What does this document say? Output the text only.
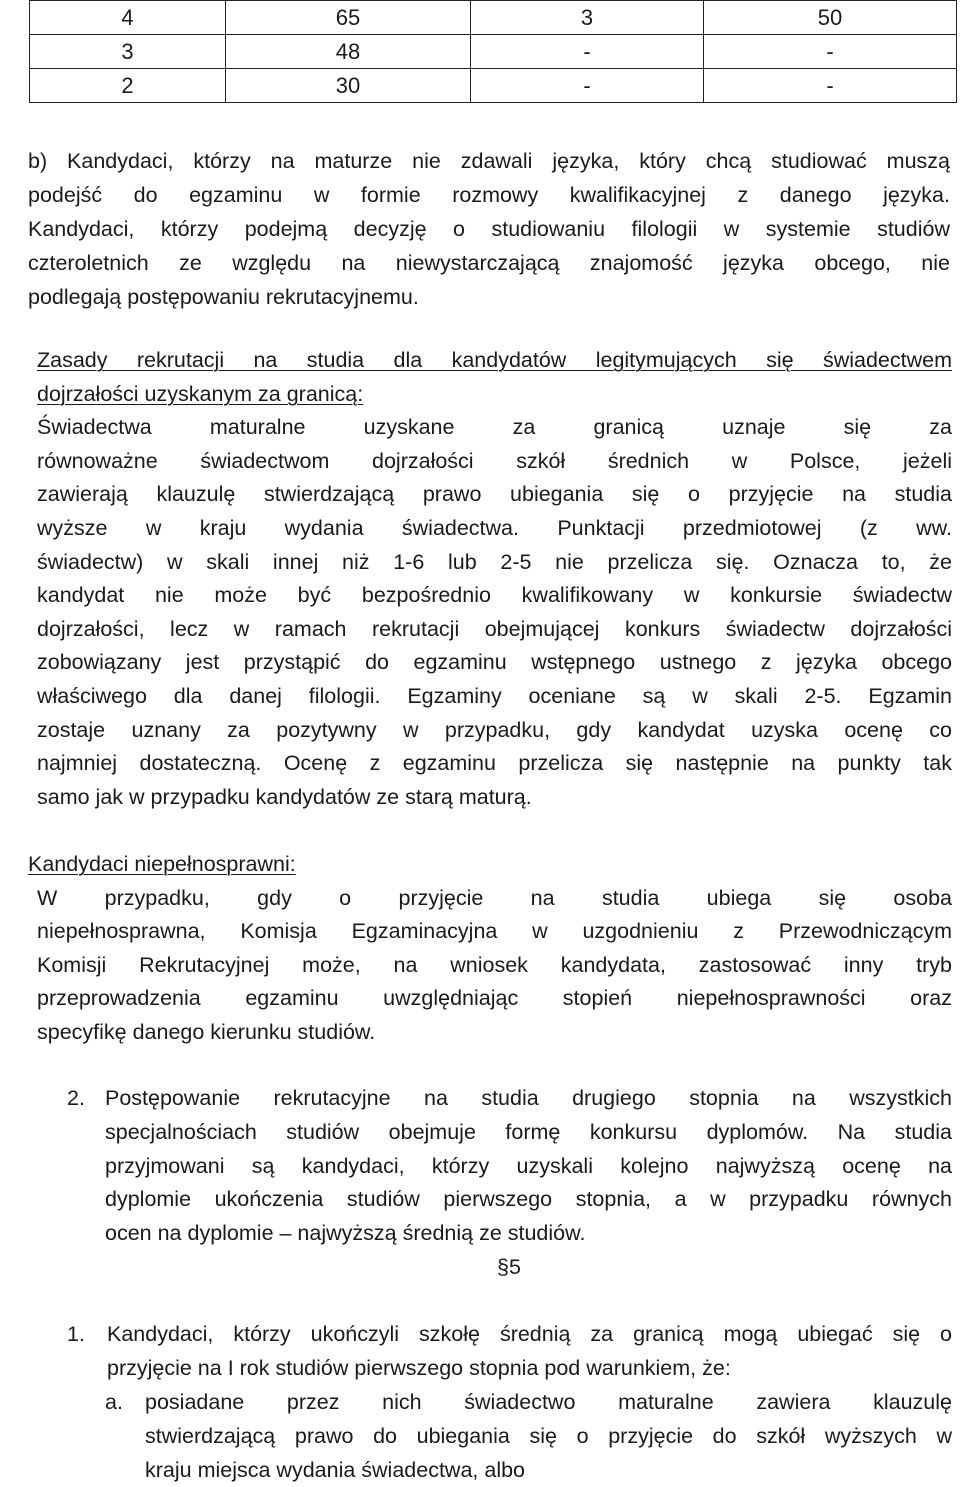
4	65	3	50
3	48	-	-
2	30	-	-
b) Kandydaci, którzy na maturze nie zdawali języka, który chcą studiować muszą
podejść do egzaminu w formie rozmowy kwalifikacyjnej z danego języka.
Kandydaci, którzy podejmą decyzję o studiowaniu filologii w systemie studiów
czteroletnich ze względu na niewystarczającą znajomość języka obcego, nie
podlegają postępowaniu rekrutacyjnemu.
Zasady rekrutacji na studia dla kandydatów legitymujących się świadectwem
dojrzałości uzyskanym za granicą:
Świadectwa maturalne uzyskane za granicą uznaje się za
równoważne świadectwom dojrzałości szkół średnich w Polsce, jeżeli
zawierają klauzulę stwierdzającą prawo ubiegania się o przyjęcie na studia
wyższe w kraju wydania świadectwa. Punktacji przedmiotowej (z ww.
świadectw) w skali innej niż 1-6 lub 2-5 nie przelicza się. Oznacza to, że
kandydat nie może być bezpośrednio kwalifikowany w konkursie świadectw
dojrzałości, lecz w ramach rekrutacji obejmującej konkurs świadectw dojrzałości
zobowiązany jest przystąpić do egzaminu wstępnego ustnego z języka obcego
właściwego dla danej filologii. Egzaminy oceniane są w skali 2-5. Egzamin
zostaje uznany za pozytywny w przypadku, gdy kandydat uzyska ocenę co
najmniej dostateczną. Ocenę z egzaminu przelicza się następnie na punkty tak
samo jak w przypadku kandydatów ze starą maturą.
Kandydaci niepełnosprawni:
W przypadku, gdy o przyjęcie na studia ubiega się osoba
niepełnosprawna, Komisja Egzaminacyjna w uzgodnieniu z Przewodniczącym
Komisji Rekrutacyjnej może, na wniosek kandydata, zastosować inny tryb
przeprowadzenia egzaminu uwzględniając stopień niepełnosprawności oraz
specyfikę danego kierunku studiów.
2. Postępowanie rekrutacyjne na studia drugiego stopnia na wszystkich
specjalnościach studiów obejmuje formę konkursu dyplomów. Na studia
przyjmowani są kandydaci, którzy uzyskali kolejno najwyższą ocenę na
dyplomie ukończenia studiów pierwszego stopnia, a w przypadku równych
ocen na dyplomie – najwyższą średnią ze studiów.
§5
1. Kandydaci, którzy ukończyli szkołę średnią za granicą mogą ubiegać się o
przyjęcie na I rok studiów pierwszego stopnia pod warunkiem, że:
a. posiadane przez nich świadectwo maturalne zawiera klauzulę
stwierdzającą prawo do ubiegania się o przyjęcie do szkół wyższych w
kraju miejsca wydania świadectwa, albo
